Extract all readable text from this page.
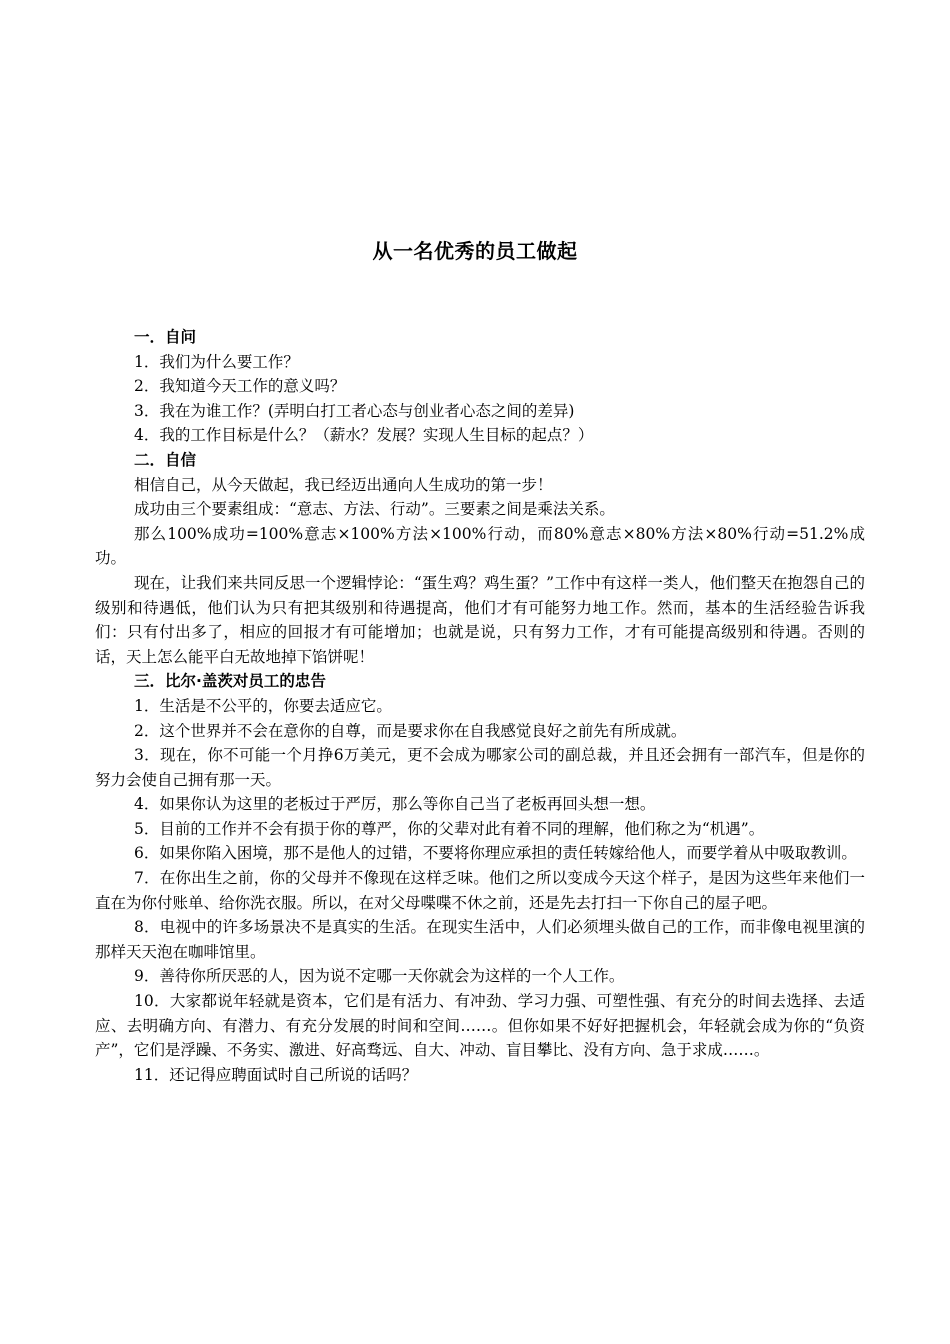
从一名优秀的员工做起

一．自问

1．我们为什么要工作？

2．我知道今天工作的意义吗？

3．我在为谁工作？(弄明白打工者心态与创业者心态之间的差异)

4．我的工作目标是什么？（薪水？发展？实现人生目标的起点？）

二．自信

相信自己，从今天做起，我已经迈出通向人生成功的第一步！

成功由三个要素组成：“意志、方法、行动”。三要素之间是乘法关系。

那么100%成功=100%意志×100%方法×100%行动，而80%意志×80%方法×80%行动=51.2%成功。

现在，让我们来共同反思一个逻辑悖论：“蛋生鸡？鸡生蛋？”工作中有这样一类人，他们整天在抱怨自己的级别和待遇低，他们认为只有把其级别和待遇提高，他们才有可能努力地工作。然而，基本的生活经验告诉我们：只有付出多了，相应的回报才有可能增加；也就是说，只有努力工作，才有可能提高级别和待遇。否则的话，天上怎么能平白无故地掉下馅饼呢！

三．比尔·盖茨对员工的忠告

1．生活是不公平的，你要去适应它。

2．这个世界并不会在意你的自尊，而是要求你在自我感觉良好之前先有所成就。

3．现在，你不可能一个月挣6万美元，更不会成为哪家公司的副总裁，并且还会拥有一部汽车，但是你的努力会使自己拥有那一天。

4．如果你认为这里的老板过于严厉，那么等你自己当了老板再回头想一想。

5．目前的工作并不会有损于你的尊严，你的父辈对此有着不同的理解，他们称之为“机遇”。

6．如果你陷入困境，那不是他人的过错，不要将你理应承担的责任转嫁给他人，而要学着从中吸取教训。

7．在你出生之前，你的父母并不像现在这样乏味。他们之所以变成今天这个样子，是因为这些年来他们一直在为你付账单、给你洗衣服。所以，在对父母喋喋不休之前，还是先去打扫一下你自己的屋子吧。

8．电视中的许多场景决不是真实的生活。在现实生活中，人们必须埋头做自己的工作，而非像电视里演的那样天天泡在咖啡馆里。

9．善待你所厌恶的人，因为说不定哪一天你就会为这样的一个人工作。

10．大家都说年轻就是资本，它们是有活力、有冲劲、学习力强、可塑性强、有充分的时间去选择、去适应、去明确方向、有潜力、有充分发展的时间和空间……。但你如果不好好把握机会，年轻就会成为你的“负资产”，它们是浮躁、不务实、激进、好高骛远、自大、冲动、盲目攀比、没有方向、急于求成……。

11．还记得应聘面试时自己所说的话吗？
